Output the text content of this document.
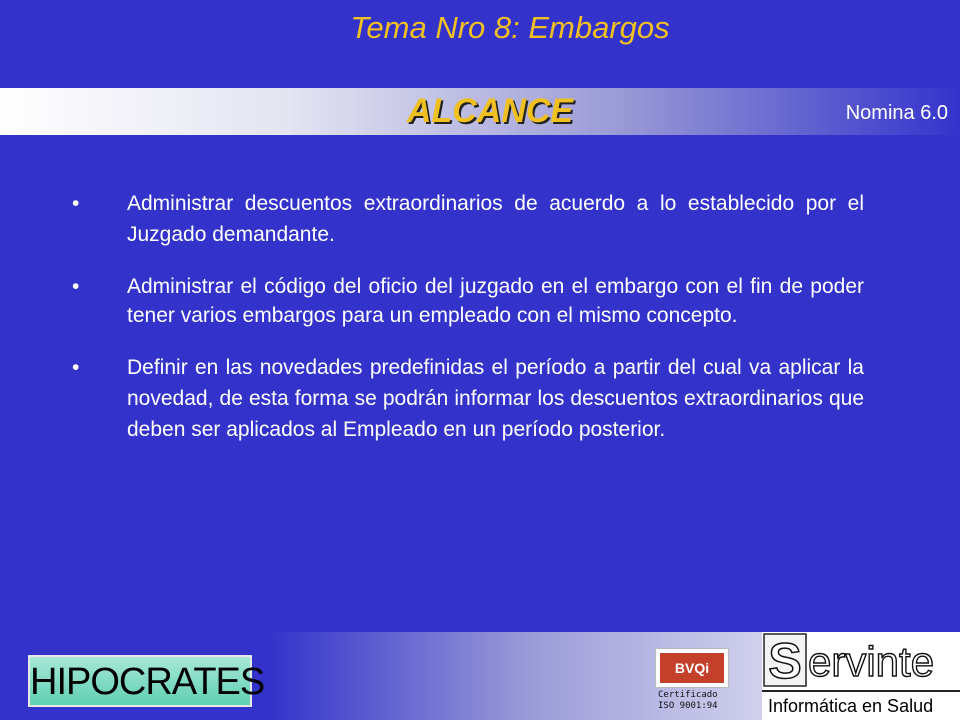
Tema Nro 8: Embargos
ALCANCE	Nomina 6.0
• Administrar descuentos extraordinarios de acuerdo a lo establecido por el Juzgado demandante.
• Administrar el código del oficio del juzgado en el embargo con el fin de poder tener varios embargos para un empleado con el mismo concepto.
• Definir en las novedades predefinidas el período a partir del cual va aplicar la novedad, de esta forma se podrán informar los descuentos extraordinarios que deben ser aplicados al Empleado en un período posterior.
HIPOCRATES	BVQi
Certificado
ISO 9001:94
S ervinte
Informática en Salud
